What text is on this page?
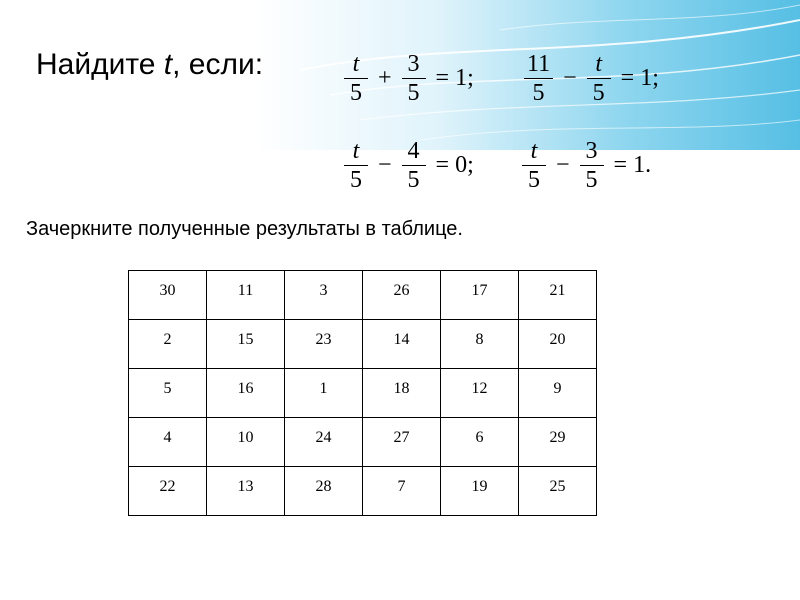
Найдите t, если:	$\frac{t}{5} + \frac{3}{5} = 1$; $\frac{11}{5} - \frac{t}{5} = 1$;
$\frac{t}{5} - \frac{4}{5} = 0$; $\frac{t}{5} - \frac{3}{5} = 1$.
Зачеркните полученные результаты в таблице.
30	11	3	26	17	21
2	15	23	14	8	20
5	16	1	18	12	9
4	10	24	27	6	29
22	13	28	7	19	25
